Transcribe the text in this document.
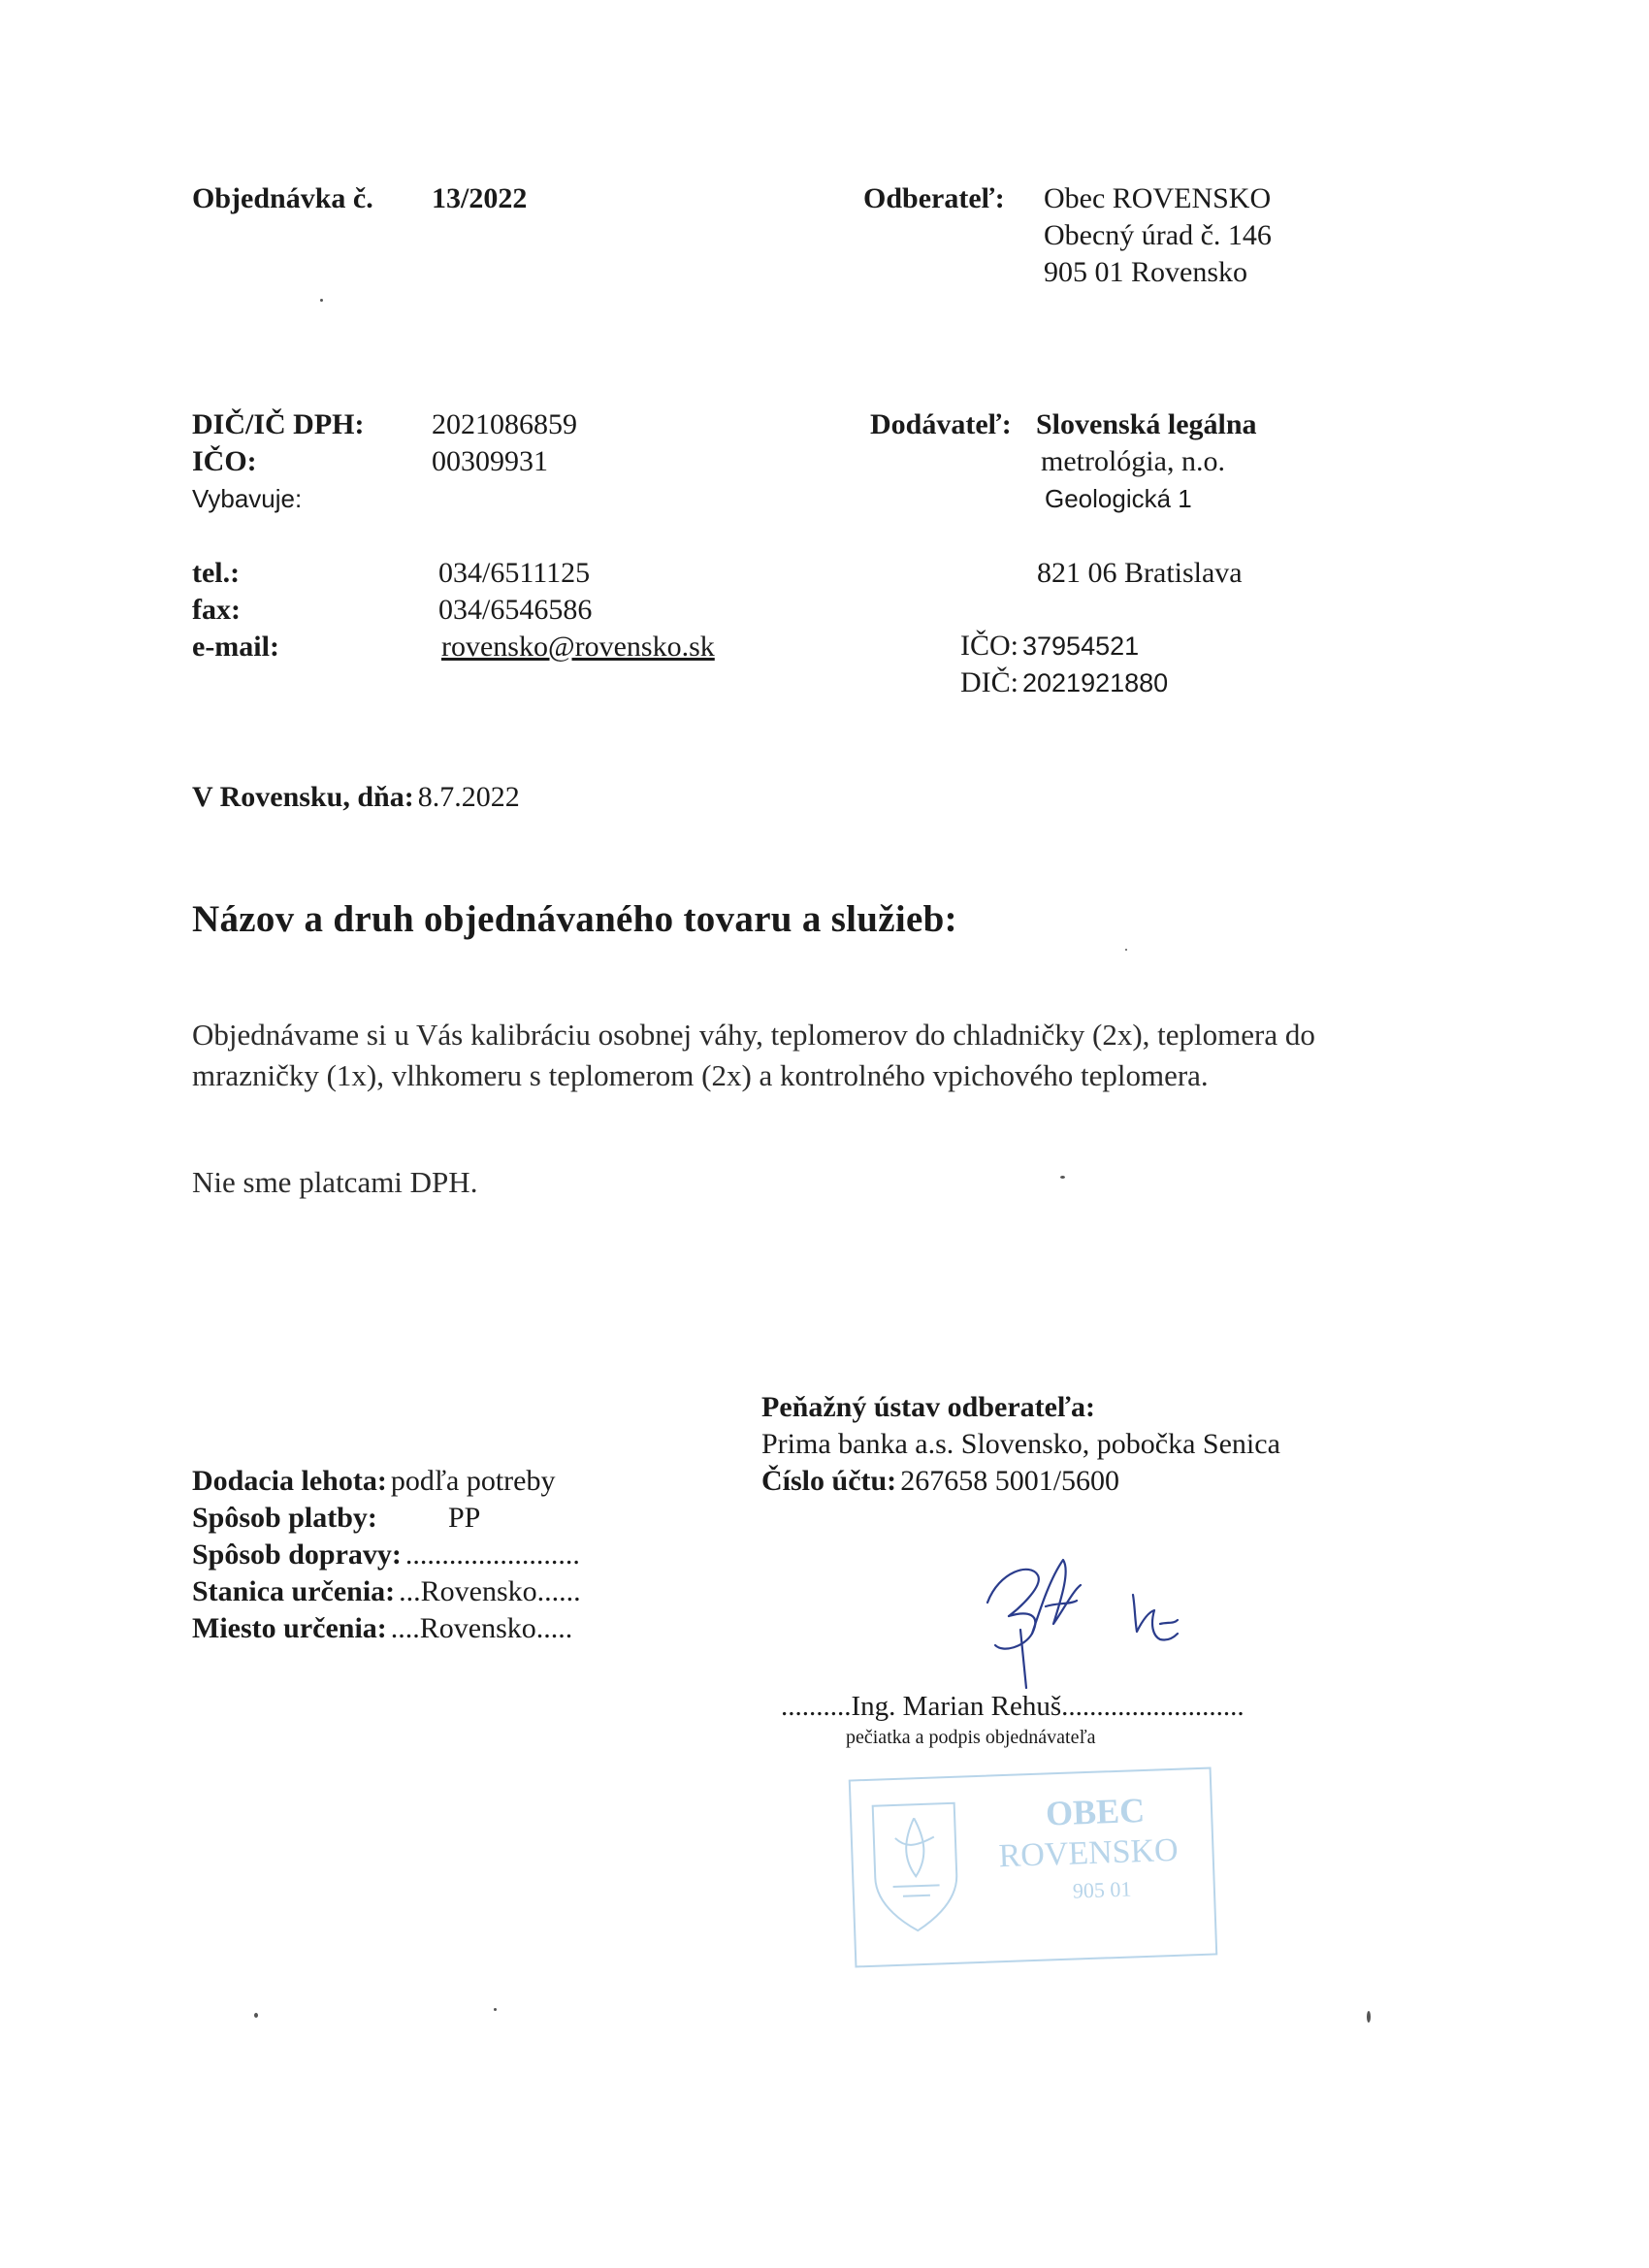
Objednávka č. 13/2022	Odberateľ: Obec ROVENSKO
Obecný úrad č. 146
905 01 Rovensko
DIČ/IČ DPH: 2021086859
IČO:	00309931
Vybavuje:
tel.:	034/6511125
fax:	034/6546586
e-mail:	rovensko@rovensko.sk
Dodávateľ: Slovenská legálna
metrológia, n.o.
Geologická 1
821 06 Bratislava
IČO: 37954521
DIČ: 2021921880
V Rovensku, dňa: 8.7.2022
Názov a druh objednávaného tovaru a služieb:
Objednávame si u Vás kalibráciu osobnej váhy, teplomerov do chladničky (2x), teplomera do
mrazničky (1x), vlhkomeru s teplomerom (2x) a kontrolného vpichového teplomera.
Nie sme platcami DPH.
Peňažný ústav odberateľa:
Prima banka a.s. Slovensko, pobočka Senica
Číslo účtu: 267658 5001/5600
Dodacia lehota: podľa potreby
Spôsob platby: PP
Spôsob dopravy: ........................
Stanica určenia: ...Rovensko......
Miesto určenia: ....Rovensko.....
..........Ing. Marian Rehuš..........................
pečiatka a podpis objednávateľa
OBEC
ROVENSKO
905 01
